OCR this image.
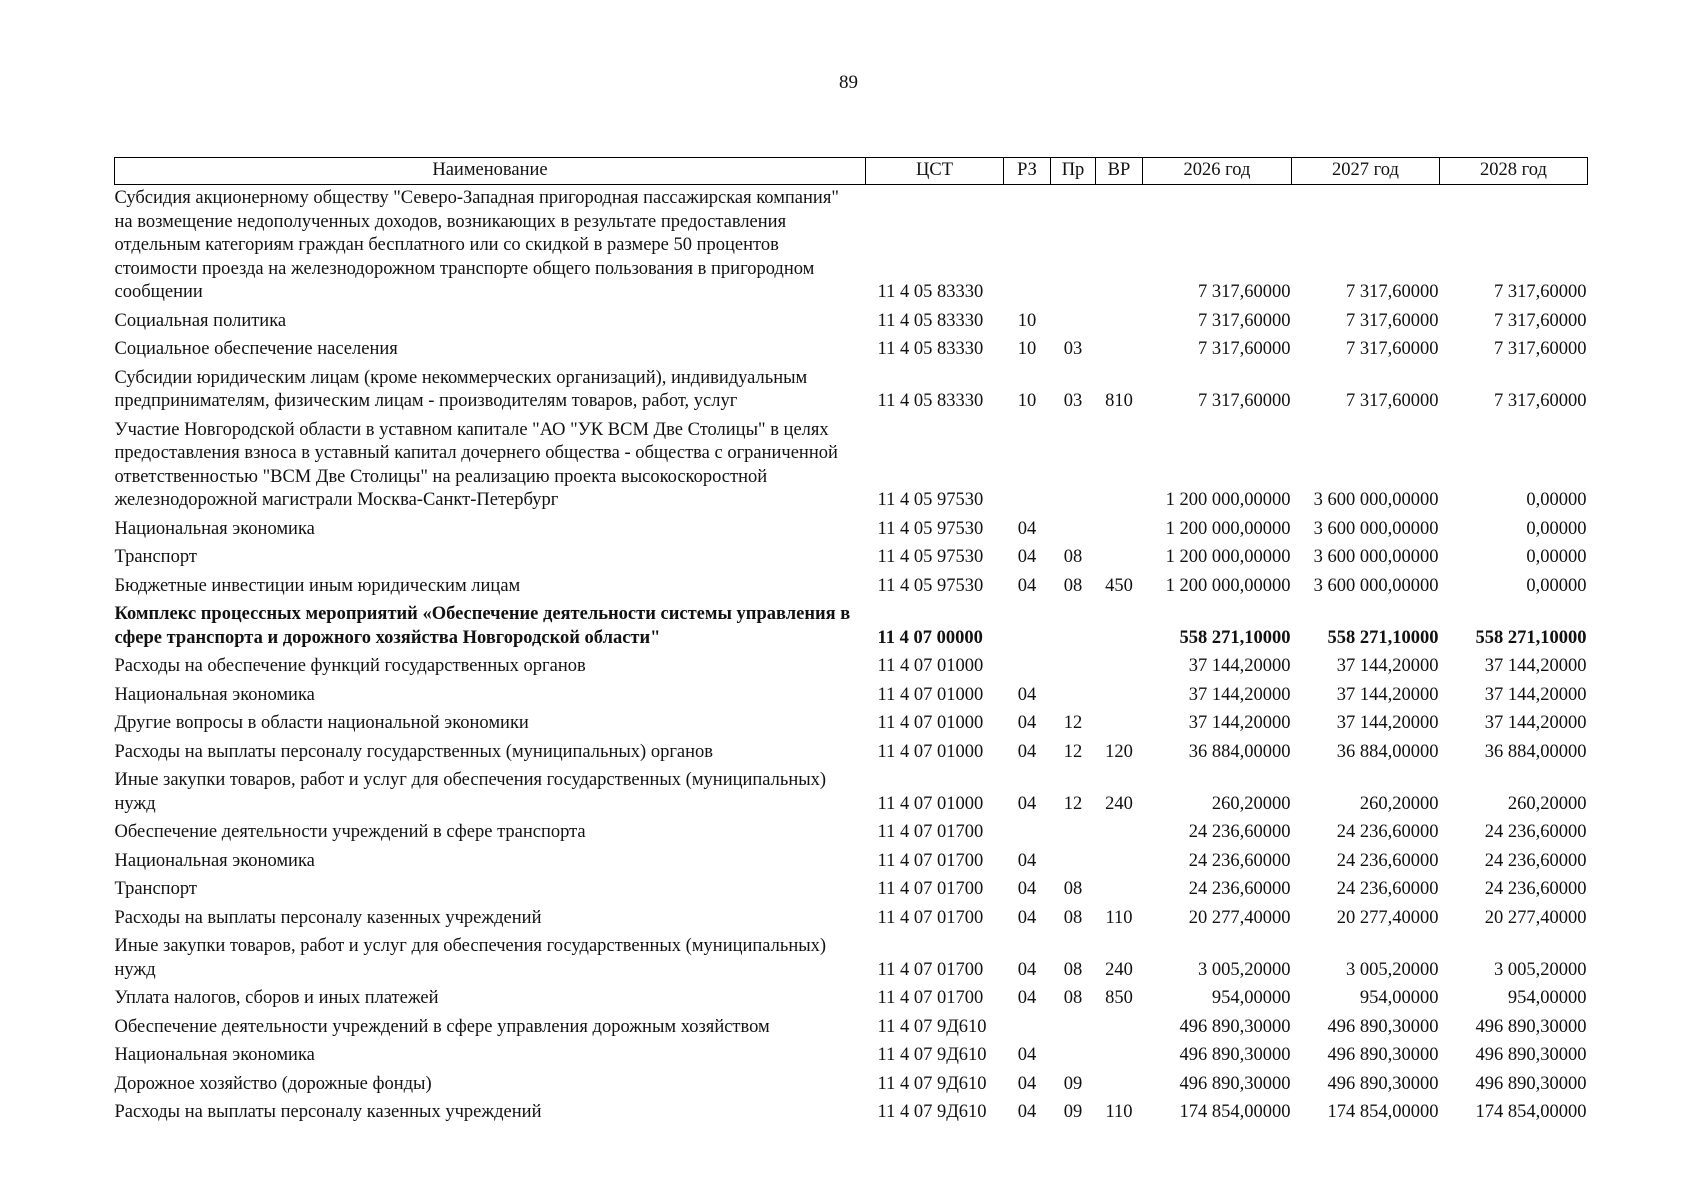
89
Наименование	ЦСТ	РЗ	Пр	ВР	2026 год	2027 год	2028 год
Субсидия акционерному обществу "Северо-Западная пригородная пассажирская компания" на возмещение недополученных доходов, возникающих в результате предоставления отдельным категориям граждан бесплатного или со скидкой в размере 50 процентов стоимости проезда на железнодорожном транспорте общего пользования в пригородном сообщении	11 4 05 83330				7 317,60000	7 317,60000	7 317,60000
Социальная политика	11 4 05 83330	10			7 317,60000	7 317,60000	7 317,60000
Социальное обеспечение населения	11 4 05 83330	10	03		7 317,60000	7 317,60000	7 317,60000
Субсидии юридическим лицам (кроме некоммерческих организаций), индивидуальным предпринимателям, физическим лицам - производителям товаров, работ, услуг	11 4 05 83330	10	03	810	7 317,60000	7 317,60000	7 317,60000
Участие Новгородской области в уставном капитале "АО "УК ВСМ Две Столицы" в целях предоставления взноса в уставный капитал дочернего общества - общества с ограниченной ответственностью "ВСМ Две Столицы" на реализацию проекта высокоскоростной железнодорожной магистрали Москва-Санкт-Петербург	11 4 05 97530				1 200 000,00000	3 600 000,00000	0,00000
Национальная экономика	11 4 05 97530	04			1 200 000,00000	3 600 000,00000	0,00000
Транспорт	11 4 05 97530	04	08		1 200 000,00000	3 600 000,00000	0,00000
Бюджетные инвестиции иным юридическим лицам	11 4 05 97530	04	08	450	1 200 000,00000	3 600 000,00000	0,00000
Комплекс процессных мероприятий «Обеспечение деятельности системы управления в сфере транспорта и дорожного хозяйства Новгородской области"	11 4 07 00000				558 271,10000	558 271,10000	558 271,10000
Расходы на обеспечение функций государственных органов	11 4 07 01000				37 144,20000	37 144,20000	37 144,20000
Национальная экономика	11 4 07 01000	04			37 144,20000	37 144,20000	37 144,20000
Другие вопросы в области национальной экономики	11 4 07 01000	04	12		37 144,20000	37 144,20000	37 144,20000
Расходы на выплаты персоналу государственных (муниципальных) органов	11 4 07 01000	04	12	120	36 884,00000	36 884,00000	36 884,00000
Иные закупки товаров, работ и услуг для обеспечения государственных (муниципальных) нужд	11 4 07 01000	04	12	240	260,20000	260,20000	260,20000
Обеспечение деятельности учреждений в сфере транспорта	11 4 07 01700				24 236,60000	24 236,60000	24 236,60000
Национальная экономика	11 4 07 01700	04			24 236,60000	24 236,60000	24 236,60000
Транспорт	11 4 07 01700	04	08		24 236,60000	24 236,60000	24 236,60000
Расходы на выплаты персоналу казенных учреждений	11 4 07 01700	04	08	110	20 277,40000	20 277,40000	20 277,40000
Иные закупки товаров, работ и услуг для обеспечения государственных (муниципальных) нужд	11 4 07 01700	04	08	240	3 005,20000	3 005,20000	3 005,20000
Уплата налогов, сборов и иных платежей	11 4 07 01700	04	08	850	954,00000	954,00000	954,00000
Обеспечение деятельности учреждений в сфере управления дорожным хозяйством	11 4 07 9Д610				496 890,30000	496 890,30000	496 890,30000
Национальная экономика	11 4 07 9Д610	04			496 890,30000	496 890,30000	496 890,30000
Дорожное хозяйство (дорожные фонды)	11 4 07 9Д610	04	09		496 890,30000	496 890,30000	496 890,30000
Расходы на выплаты персоналу казенных учреждений	11 4 07 9Д610	04	09	110	174 854,00000	174 854,00000	174 854,00000
